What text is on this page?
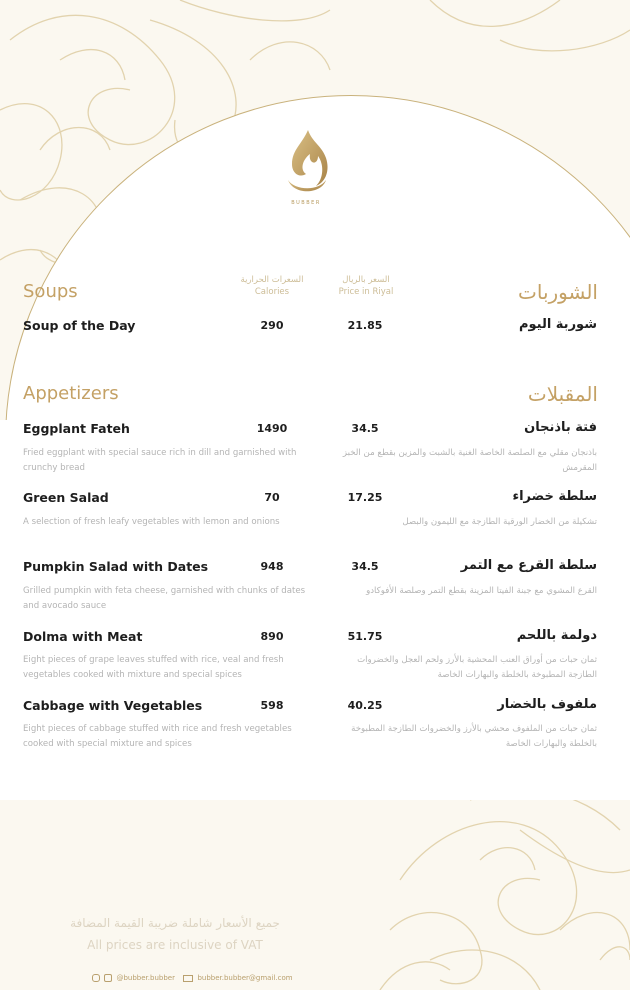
BUBBER
السعرات الحرارية
Calories
السعر بالريال
Price in Riyal
Soups	الشوربات
Soup of the Day	290	21.85	شوربة اليوم
Appetizers	المقبلات
Eggplant Fateh	1490	34.5	فتة باذنجان
Fried eggplant with special sauce rich in dill and garnished with crunchy bread
باذنجان مقلي مع الصلصة الخاصة الغنية بالشبت والمزين بقطع من الخبز المقرمش
Green Salad	70	17.25	سلطة خضراء
A selection of fresh leafy vegetables with lemon and onions	تشكيلة من الخضار الورقية الطازجة مع الليمون والبصل
Pumpkin Salad with Dates	948	34.5	سلطة القرع مع التمر
Grilled pumpkin with feta cheese, garnished with chunks of dates and avocado sauce
القرع المشوي مع جبنة الفيتا المزينة بقطع التمر وصلصة الأفوكادو
Dolma with Meat	890	51.75	دولمة باللحم
Eight pieces of grape leaves stuffed with rice, veal and fresh vegetables cooked with mixture and special spices
ثمان حبات من أوراق العنب المحشية بالأرز ولحم العجل والخضروات الطازجة المطبوخة بالخلطة والبهارات الخاصة
Cabbage with Vegetables	598	40.25	ملفوف بالخضار
Eight pieces of cabbage stuffed with rice and fresh vegetables cooked with special mixture and spices
ثمان حبات من الملفوف محشي بالأرز والخضروات الطازجة المطبوخة بالخلطة والبهارات الخاصة
جميع الأسعار شاملة ضريبة القيمة المضافة
All prices are inclusive of VAT
@bubber.bubber	bubber.bubber@gmail.com
